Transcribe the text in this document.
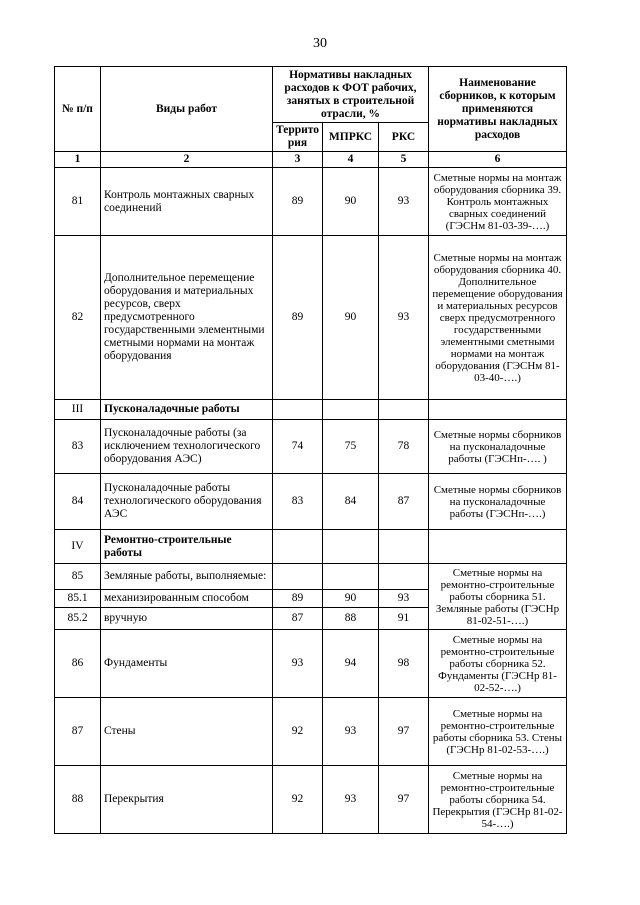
30
№ п/п	Виды работ	Нормативы накладных расходов к ФОТ рабочих, занятых в строительной отрасли, %			Наименование сборников, к которым применяются нормативы накладных расходов
		Террито рия	МПРКС	РКС	
1	2	3	4	5	6
81	Контроль монтажных сварных соединений	89	90	93	Сметные нормы на монтаж оборудования сборника 39. Контроль монтажных сварных соединений (ГЭСНм 81-03-39-….)
82	Дополнительное перемещение оборудования и материальных ресурсов, сверх предусмотренного государственными элементными сметными нормами на монтаж оборудования	89	90	93	Сметные нормы на монтаж оборудования сборника 40. Дополнительное перемещение оборудования и материальных ресурсов сверх предусмотренного государственными элементными сметными нормами на монтаж оборудования (ГЭСНм 81-03-40-….)
III	Пусконаладочные работы				
83	Пусконаладочные работы (за исключением технологического оборудования АЭС)	74	75	78	Сметные нормы сборников на пусконаладочные работы (ГЭСНп-…. )
84	Пусконаладочные работы технологического оборудования АЭС	83	84	87	Сметные нормы сборников на пусконаладочные работы (ГЭСНп-….)
IV	Ремонтно-строительные работы				
85	Земляные работы, выполняемые:				Сметные нормы на ремонтно-строительные работы сборника 51. Земляные работы (ГЭСНр 81-02-51-….)
85.1	механизированным способом	89	90	93	
85.2	вручную	87	88	91	
86	Фундаменты	93	94	98	Сметные нормы на ремонтно-строительные работы сборника 52. Фундаменты (ГЭСНр 81-02-52-….)
87	Стены	92	93	97	Сметные нормы на ремонтно-строительные работы сборника 53. Стены (ГЭСНр 81-02-53-….)
88	Перекрытия	92	93	97	Сметные нормы на ремонтно-строительные работы сборника 54. Перекрытия (ГЭСНр 81-02-54-….)
